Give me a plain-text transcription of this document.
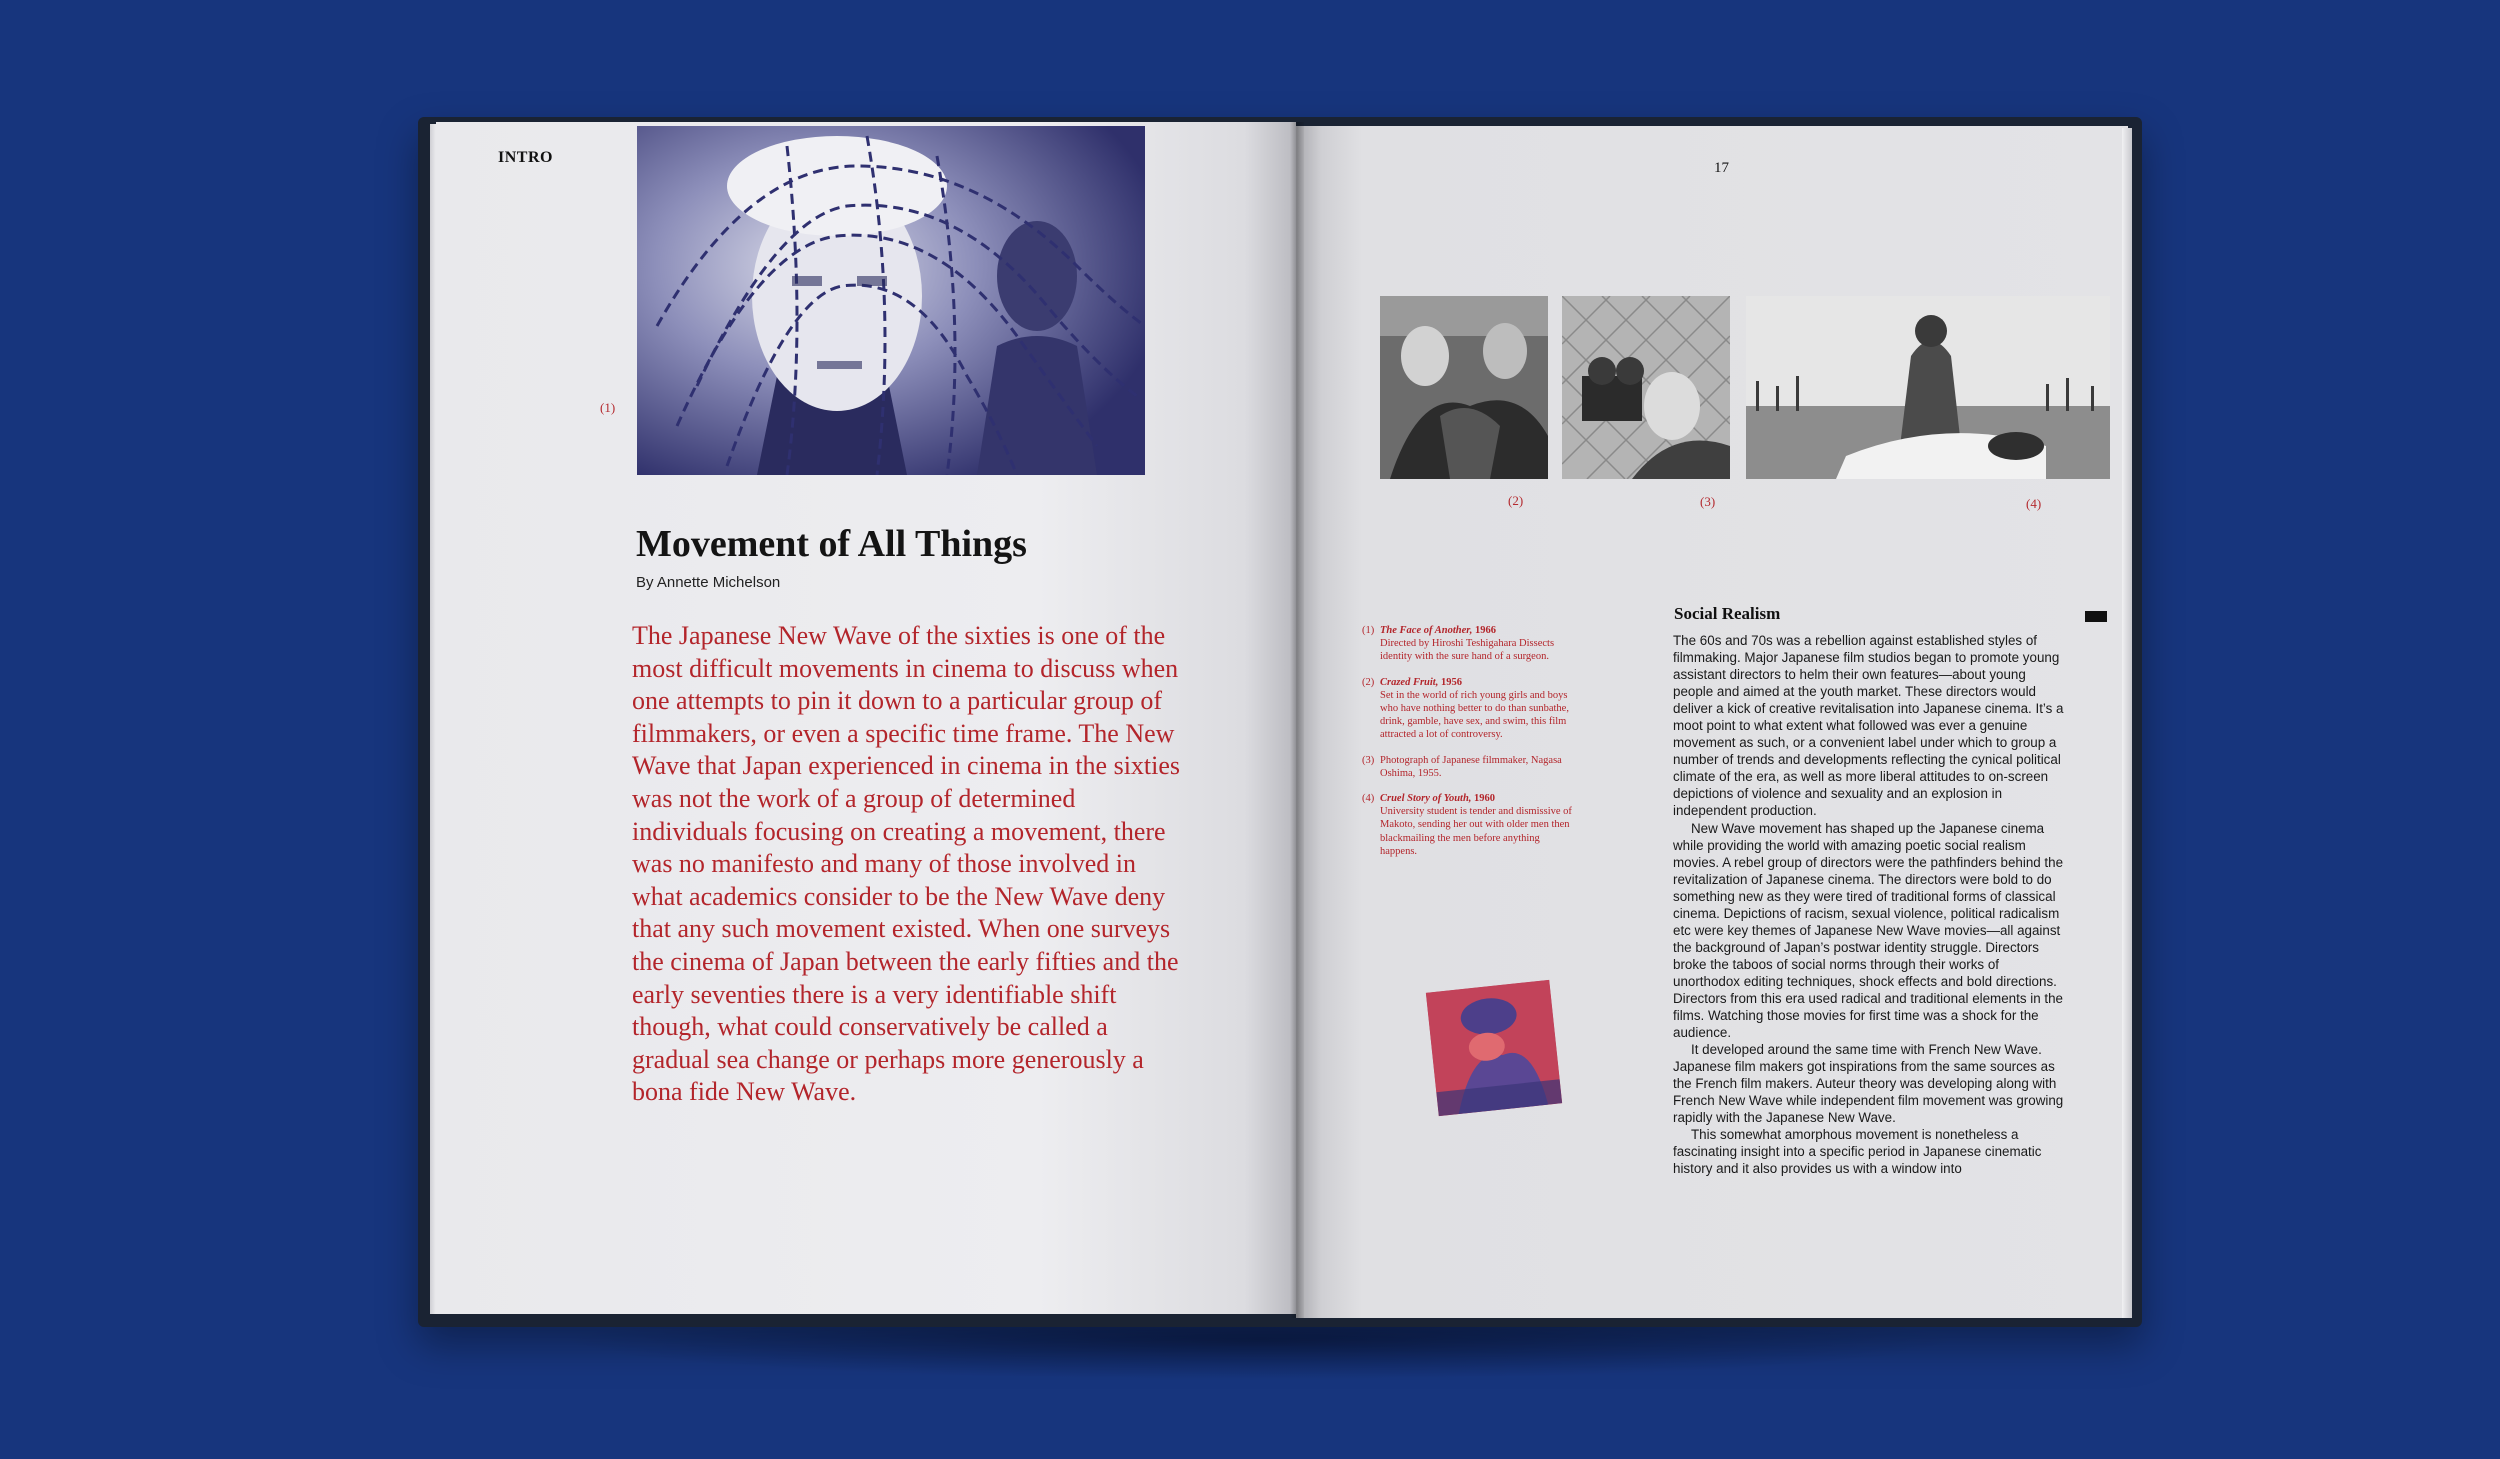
INTRO
(1)
Movement of All Things
By Annette Michelson
The Japanese New Wave of the sixties is one of the most difficult movements in cinema to discuss when one attempts to pin it down to a particular group of filmmakers, or even a specific time frame. The New Wave that Japan experienced in cinema in the sixties was not the work of a group of determined individuals focusing on creating a movement, there was no manifesto and many of those involved in what academics consider to be the New Wave deny that any such movement existed. When one surveys the cinema of Japan between the early fifties and the early seventies there is a very identifiable shift though, what could conservatively be called a gradual sea change or perhaps more generously a bona fide New Wave.
17
(2)	(3)	(4)
(1) The Face of Another, 1966
Directed by Hiroshi Teshigahara Dissects identity with the sure hand of a surgeon.
(2) Crazed Fruit, 1956
Set in the world of rich young girls and boys who have nothing better to do than sunbathe, drink, gamble, have sex, and swim, this film attracted a lot of controversy.
(3) Photograph of Japanese filmmaker, Nagasa Oshima, 1955.
(4) Cruel Story of Youth, 1960
University student is tender and dismissive of Makoto, sending her out with older men then blackmailing the men before anything happens.
Social Realism

The 60s and 70s was a rebellion against established styles of filmmaking. Major Japanese film studios began to promote young assistant directors to helm their own features—about young people and aimed at the youth market. These directors would deliver a kick of creative revitalisation into Japanese cinema. It’s a moot point to what extent what followed was ever a genuine movement as such, or a convenient label under which to group a number of trends and developments reflecting the cynical political climate of the era, as well as more liberal attitudes to on-screen depictions of violence and sexuality and an explosion in independent production.

New Wave movement has shaped up the Japanese cinema while providing the world with amazing poetic social realism movies. A rebel group of directors were the pathfinders behind the revitalization of Japanese cinema. The directors were bold to do something new as they were tired of traditional forms of classical cinema. Depictions of racism, sexual violence, political radicalism etc were key themes of Japanese New Wave movies—all against the background of Japan’s postwar identity struggle. Directors broke the taboos of social norms through their works of unorthodox editing techniques, shock effects and bold directions. Directors from this era used radical and traditional elements in the films. Watching those movies for first time was a shock for the audience.

It developed around the same time with French New Wave. Japanese film makers got inspirations from the same sources as the French film makers. Auteur theory was developing along with French New Wave while independent film movement was growing rapidly with the Japanese New Wave.

This somewhat amorphous movement is nonetheless a fascinating insight into a specific period in Japanese cinematic history and it also provides us with a window into
